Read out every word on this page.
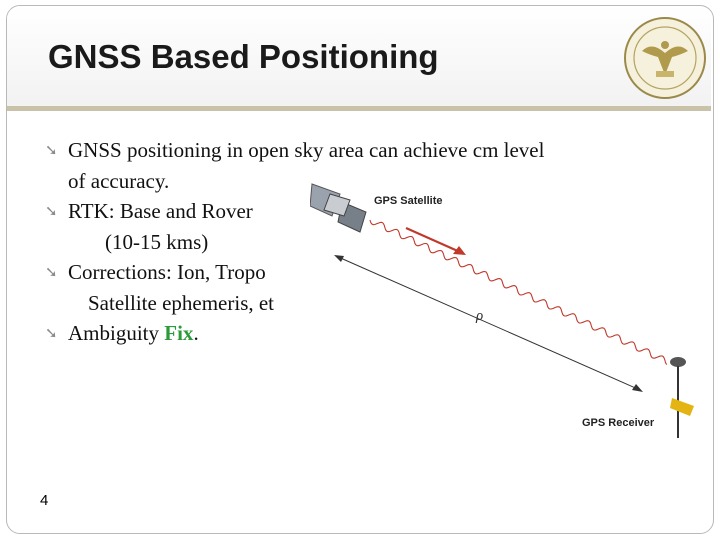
GNSS Based Positioning
➘ GNSS positioning in open sky area can achieve cm level
of accuracy.
➘ RTK: Base and Rover
(10-15 kms)
➘ Corrections: Ion, Tropo
Satellite ephemeris, et
➘ Ambiguity Fix.
GPS Satellite
ρ
GPS Receiver
4
